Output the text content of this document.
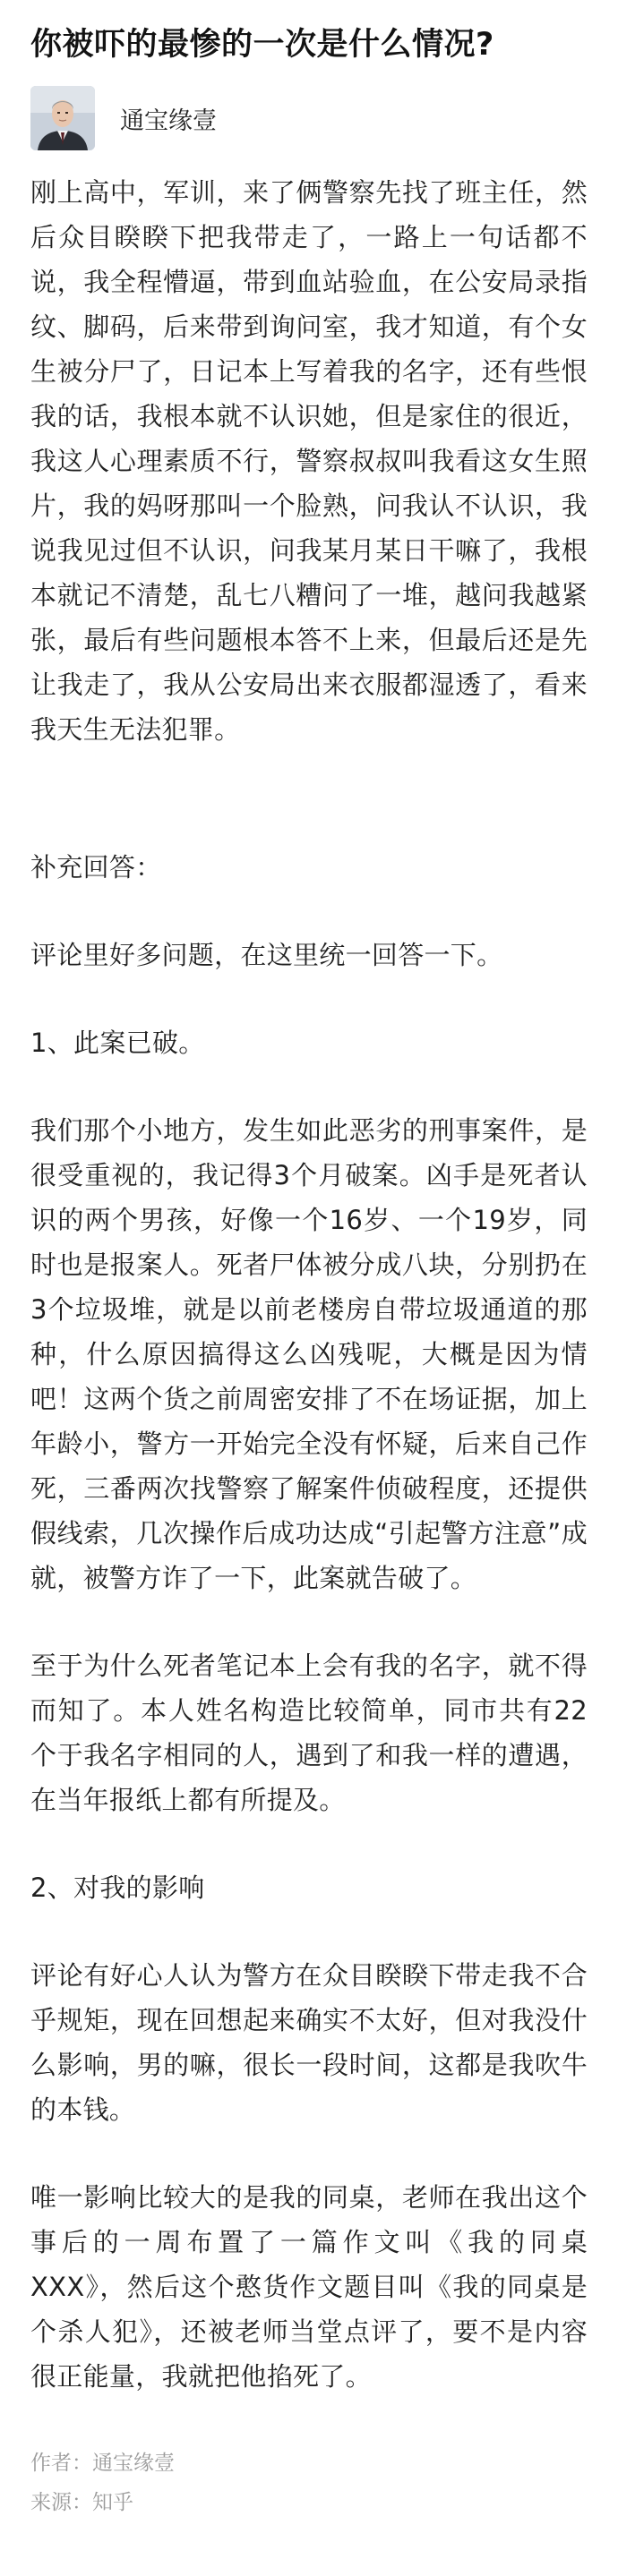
你被吓的最惨的一次是什么情况?
通宝缘壹

刚上高中，军训，来了俩警察先找了班主任，然后众目睽睽下把我带走了，一路上一句话都不说，我全程懵逼，带到血站验血，在公安局录指纹、脚码，后来带到询问室，我才知道，有个女生被分尸了，日记本上写着我的名字，还有些恨我的话，我根本就不认识她，但是家住的很近，我这人心理素质不行，警察叔叔叫我看这女生照片，我的妈呀那叫一个脸熟，问我认不认识，我说我见过但不认识，问我某月某日干嘛了，我根本就记不清楚，乱七八糟问了一堆，越问我越紧张，最后有些问题根本答不上来，但最后还是先让我走了，我从公安局出来衣服都湿透了，看来我天生无法犯罪。

补充回答：

评论里好多问题，在这里统一回答一下。

1、此案已破。

我们那个小地方，发生如此恶劣的刑事案件，是很受重视的，我记得3个月破案。凶手是死者认识的两个男孩，好像一个16岁、一个19岁，同时也是报案人。死者尸体被分成八块，分别扔在3个垃圾堆，就是以前老楼房自带垃圾通道的那种，什么原因搞得这么凶残呢，大概是因为情吧！这两个货之前周密安排了不在场证据，加上年龄小，警方一开始完全没有怀疑，后来自己作死，三番两次找警察了解案件侦破程度，还提供假线索，几次操作后成功达成“引起警方注意”成就，被警方诈了一下，此案就告破了。

至于为什么死者笔记本上会有我的名字，就不得而知了。本人姓名构造比较简单，同市共有22个于我名字相同的人，遇到了和我一样的遭遇，在当年报纸上都有所提及。

2、对我的影响

评论有好心人认为警方在众目睽睽下带走我不合乎规矩，现在回想起来确实不太好，但对我没什么影响，男的嘛，很长一段时间，这都是我吹牛的本钱。

唯一影响比较大的是我的同桌，老师在我出这个事后的一周布置了一篇作文叫《我的同桌XXX》，然后这个憨货作文题目叫《我的同桌是个杀人犯》，还被老师当堂点评了，要不是内容很正能量，我就把他掐死了。

作者：通宝缘壹
来源：知乎
